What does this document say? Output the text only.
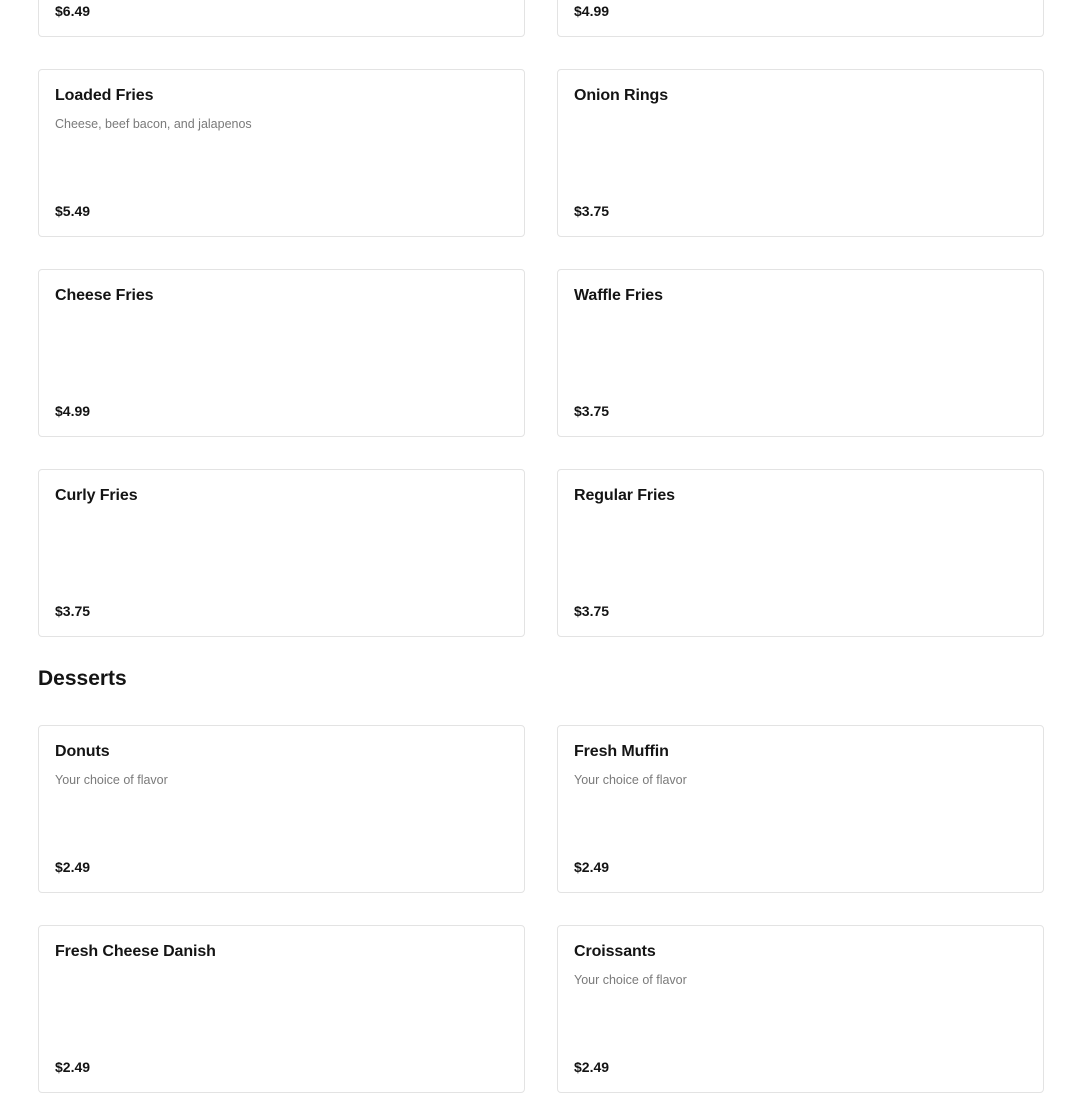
$6.49	$4.99
Loaded Fries
Cheese, beef bacon, and jalapenos
$5.49
Onion Rings
$3.75
Cheese Fries
$4.99
Waffle Fries
$3.75
Curly Fries
$3.75
Regular Fries
$3.75
Desserts
Donuts
Your choice of flavor
$2.49
Fresh Muffin
Your choice of flavor
$2.49
Fresh Cheese Danish
$2.49
Croissants
Your choice of flavor
$2.49
